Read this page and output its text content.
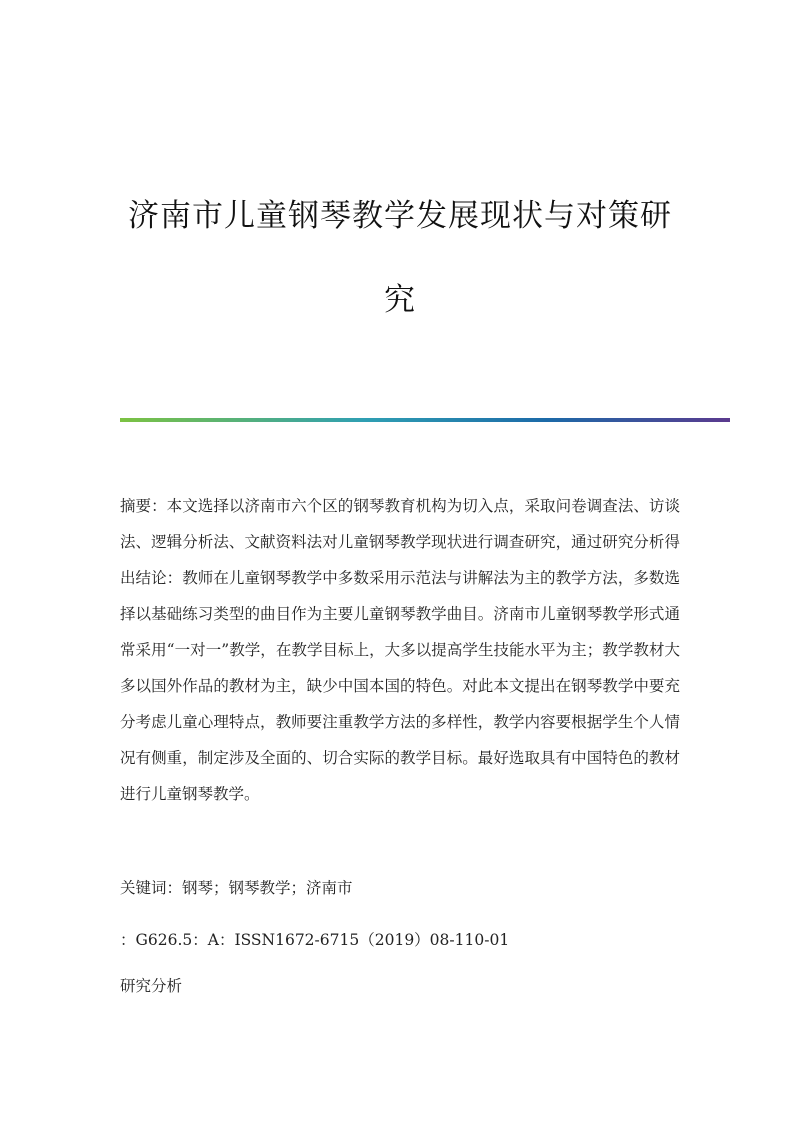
济南市儿童钢琴教学发展现状与对策研
究

摘要：本文选择以济南市六个区的钢琴教育机构为切入点，采取问卷调查法、访谈法、逻辑分析法、文献资料法对儿童钢琴教学现状进行调查研究，通过研究分析得出结论：教师在儿童钢琴教学中多数采用示范法与讲解法为主的教学方法，多数选择以基础练习类型的曲目作为主要儿童钢琴教学曲目。济南市儿童钢琴教学形式通常采用“一对一”教学，在教学目标上，大多以提高学生技能水平为主；教学教材大多以国外作品的教材为主，缺少中国本国的特色。对此本文提出在钢琴教学中要充分考虑儿童心理特点，教师要注重教学方法的多样性，教学内容要根据学生个人情况有侧重，制定涉及全面的、切合实际的教学目标。最好选取具有中国特色的教材进行儿童钢琴教学。

关键词：钢琴；钢琴教学；济南市

：G626.5：A：ISSN1672-6715（2019）08-110-01

研究分析
